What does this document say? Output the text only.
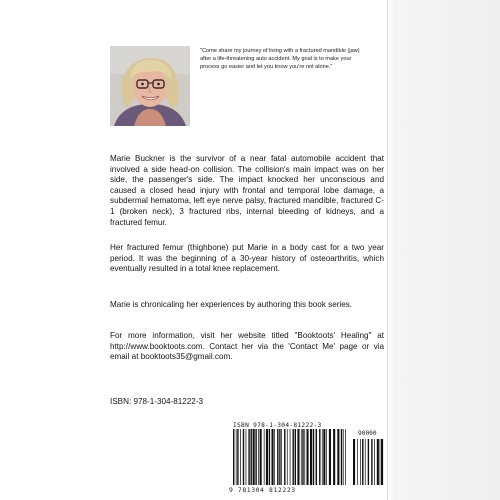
"Come share my journey of living with a fractured mandible (jaw) after a life-threatening auto accident. My goal is to make your process go easier and let you know you're not alone."

Marie Buckner is the survivor of a near fatal automobile accident that involved a side head-on collision. The collision's main impact was on her side, the passenger's side. The impact knocked her unconscious and caused a closed head injury with frontal and temporal lobe damage, a subdermal hematoma, left eye nerve palsy, fractured mandible, fractured C-1 (broken neck), 3 fractured ribs, internal bleeding of kidneys, and a fractured femur.

Her fractured femur (thighbone) put Marie in a body cast for a two year period. It was the beginning of a 30-year history of osteoarthritis, which eventually resulted in a total knee replacement.

Marie is chronicaling her experiences by authoring this book series.

For more information, visit her website titled "Booktoots' Healing" at http://www.booktoots.com. Contact her via the 'Contact Me' page or via email at booktoots35@gmail.com.

ISBN: 978-1-304-81222-3

ISBN 978-1-304-81222-3
90000
9 781304 812223
